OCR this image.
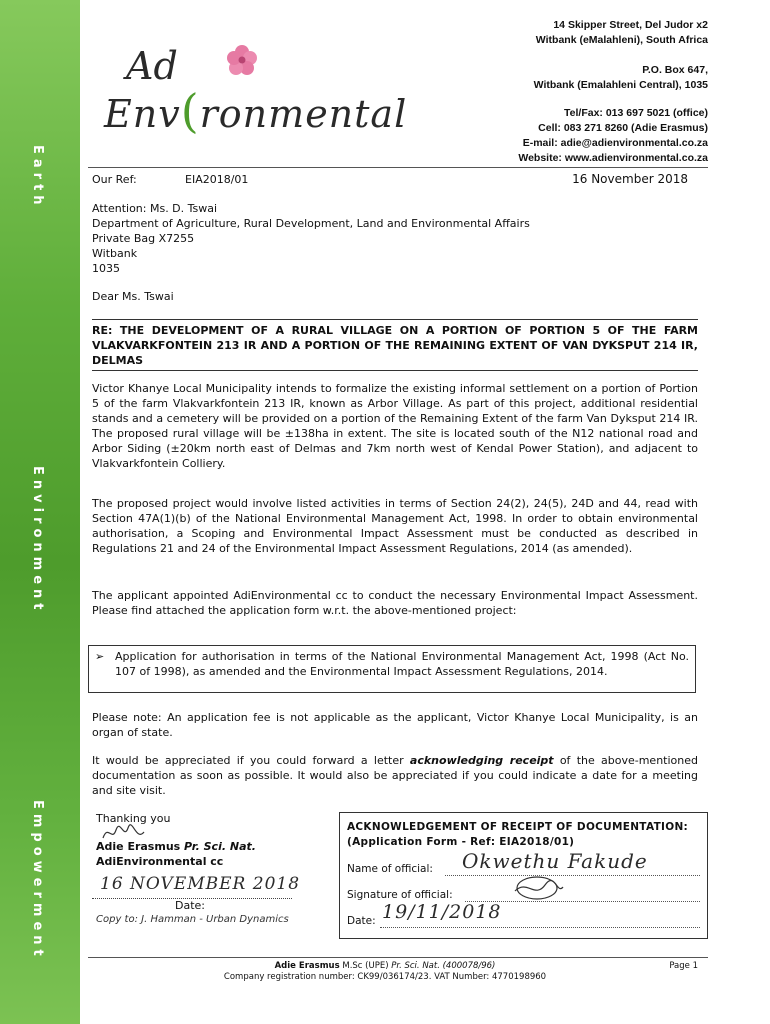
Earth
Environment
Empowerment
Ad
Env(ronmental
14 Skipper Street, Del Judor x2
Witbank (eMalahleni), South Africa
P.O. Box 647,
Witbank (Emalahleni Central), 1035
Tel/Fax: 013 697 5021 (office)
Cell: 083 271 8260 (Adie Erasmus)
E-mail: adie@adienvironmental.co.za
Website: www.adienvironmental.co.za
Our Ref:	EIA2018/01	16 November 2018
Attention: Ms. D. Tswai
Department of Agriculture, Rural Development, Land and Environmental Affairs
Private Bag X7255
Witbank
1035
Dear Ms. Tswai
RE: THE DEVELOPMENT OF A RURAL VILLAGE ON A PORTION OF PORTION 5 OF THE FARM VLAKVARKFONTEIN 213 IR AND A PORTION OF THE REMAINING EXTENT OF VAN DYKSPUT 214 IR, DELMAS
Victor Khanye Local Municipality intends to formalize the existing informal settlement on a portion of Portion 5 of the farm Vlakvarkfontein 213 IR, known as Arbor Village. As part of this project, additional residential stands and a cemetery will be provided on a portion of the Remaining Extent of the farm Van Dyksput 214 IR. The proposed rural village will be ±138ha in extent. The site is located south of the N12 national road and Arbor Siding (±20km north east of Delmas and 7km north west of Kendal Power Station), and adjacent to Vlakvarkfontein Colliery.
The proposed project would involve listed activities in terms of Section 24(2), 24(5), 24D and 44, read with Section 47A(1)(b) of the National Environmental Management Act, 1998. In order to obtain environmental authorisation, a Scoping and Environmental Impact Assessment must be conducted as described in Regulations 21 and 24 of the Environmental Impact Assessment Regulations, 2014 (as amended).
The applicant appointed AdiEnvironmental cc to conduct the necessary Environmental Impact Assessment. Please find attached the application form w.r.t. the above-mentioned project:
➢ Application for authorisation in terms of the National Environmental Management Act, 1998 (Act No. 107 of 1998), as amended and the Environmental Impact Assessment Regulations, 2014.
Please note: An application fee is not applicable as the applicant, Victor Khanye Local Municipality, is an organ of state.
It would be appreciated if you could forward a letter acknowledging receipt of the above-mentioned documentation as soon as possible. It would also be appreciated if you could indicate a date for a meeting and site visit.
Thanking you
Adie Erasmus Pr. Sci. Nat.
AdiEnvironmental cc
16 NOVEMBER 2018
Date:
Copy to: J. Hamman - Urban Dynamics
ACKNOWLEDGEMENT OF RECEIPT OF DOCUMENTATION:
(Application Form - Ref: EIA2018/01)
Name of official: Okwethu Fakude
Signature of official:
Date: 19/11/2018
Adie Erasmus M.Sc (UPE) Pr. Sci. Nat. (400078/96)
Company registration number: CK99/036174/23. VAT Number: 4770198960
Page 1
